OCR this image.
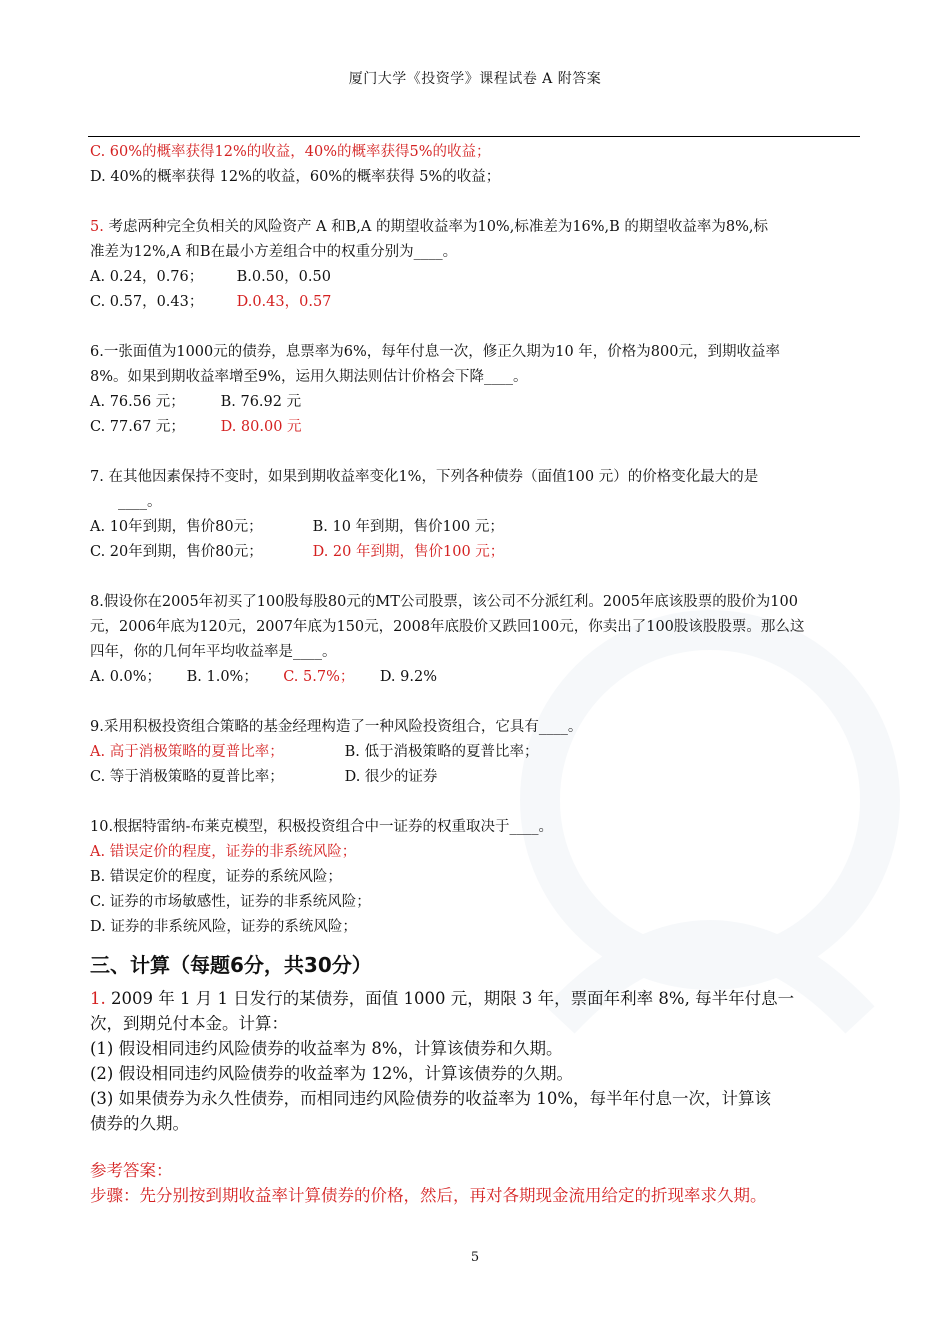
厦门大学《投资学》课程试卷 A 附答案
C. 60%的概率获得12%的收益，40%的概率获得5%的收益；
D. 40%的概率获得 12%的收益，60%的概率获得 5%的收益；
5. 考虑两种完全负相关的风险资产 A 和B,A 的期望收益率为10%,标准差为16%,B 的期望收益率为8%,标
准差为12%,A 和B在最小方差组合中的权重分别为____。
A. 0.24，0.76； B.0.50，0.50
C. 0.57，0.43； D.0.43，0.57
6.一张面值为1000元的债券，息票率为6%，每年付息一次，修正久期为10 年，价格为800元，到期收益率
8%。如果到期收益率增至9%，运用久期法则估计价格会下降____。
A. 76.56 元； B. 76.92 元
C. 77.67 元； D. 80.00 元
7. 在其他因素保持不变时，如果到期收益率变化1%，下列各种债券（面值100 元）的价格变化最大的是
____。
A. 10年到期，售价80元；	B. 10 年到期，售价100 元；
C. 20年到期，售价80元；	D. 20 年到期，售价100 元；
8.假设你在2005年初买了100股每股80元的MT公司股票，该公司不分派红利。2005年底该股票的股价为100
元，2006年底为120元，2007年底为150元，2008年底股价又跌回100元，你卖出了100股该股股票。那么这
四年，你的几何年平均收益率是____。
A. 0.0%； B. 1.0%； C. 5.7%； D. 9.2%
9.采用积极投资组合策略的基金经理构造了一种风险投资组合，它具有____。
A. 高于消极策略的夏普比率；	B. 低于消极策略的夏普比率；
C. 等于消极策略的夏普比率；	D. 很少的证券
10.根据特雷纳-布莱克模型，积极投资组合中一证券的权重取决于____。
A. 错误定价的程度，证券的非系统风险；
B. 错误定价的程度，证券的系统风险；
C. 证券的市场敏感性，证券的非系统风险；
D. 证券的非系统风险，证券的系统风险；
三、计算（每题6分，共30分）
1. 2009 年 1 月 1 日发行的某债券，面值 1000 元，期限 3 年，票面年利率 8%, 每半年付息一
次，到期兑付本金。计算：
(1) 假设相同违约风险债券的收益率为 8%，计算该债券和久期。
(2) 假设相同违约风险债券的收益率为 12%，计算该债券的久期。
(3) 如果债券为永久性债券，而相同违约风险债券的收益率为 10%，每半年付息一次，计算该
债券的久期。
参考答案：
步骤：先分别按到期收益率计算债券的价格，然后，再对各期现金流用给定的折现率求久期。
5
